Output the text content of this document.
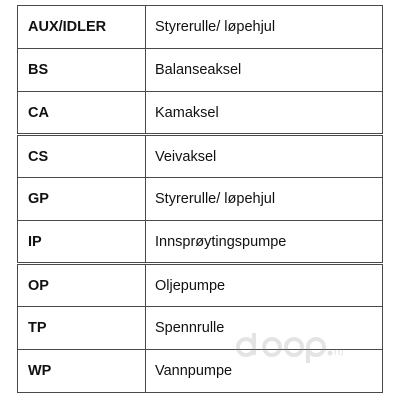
AUX/IDLER	Styrerulle/ løpehjul
BS	Balanseaksel
CA	Kamaksel
CS	Veivaksel
GP	Styrerulle/ løpehjul
IP	Innsprøytingspumpe
OP	Oljepumpe
TP	Spennrulle
WP	Vannpumpe
ru
